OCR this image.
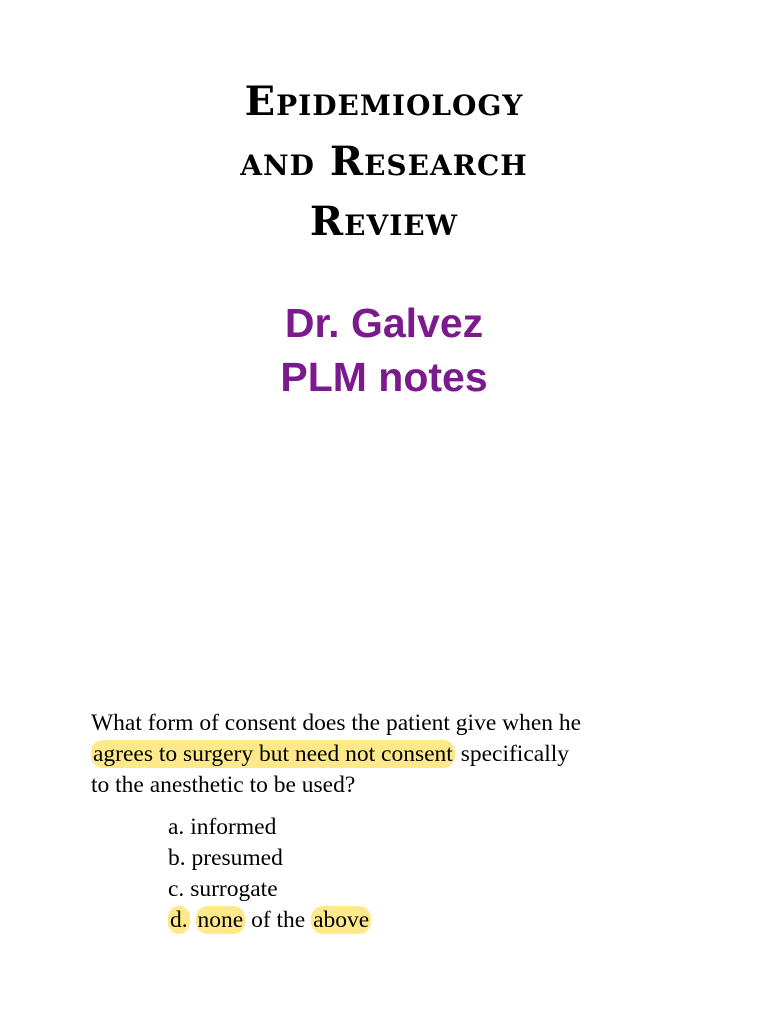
Epidemiology
and Research
Review
Dr. Galvez
PLM notes
What form of consent does the patient give when he
agrees to surgery but need not consent specifically
to the anesthetic to be used?
a. informed
b. presumed
c. surrogate
d. none of the above
